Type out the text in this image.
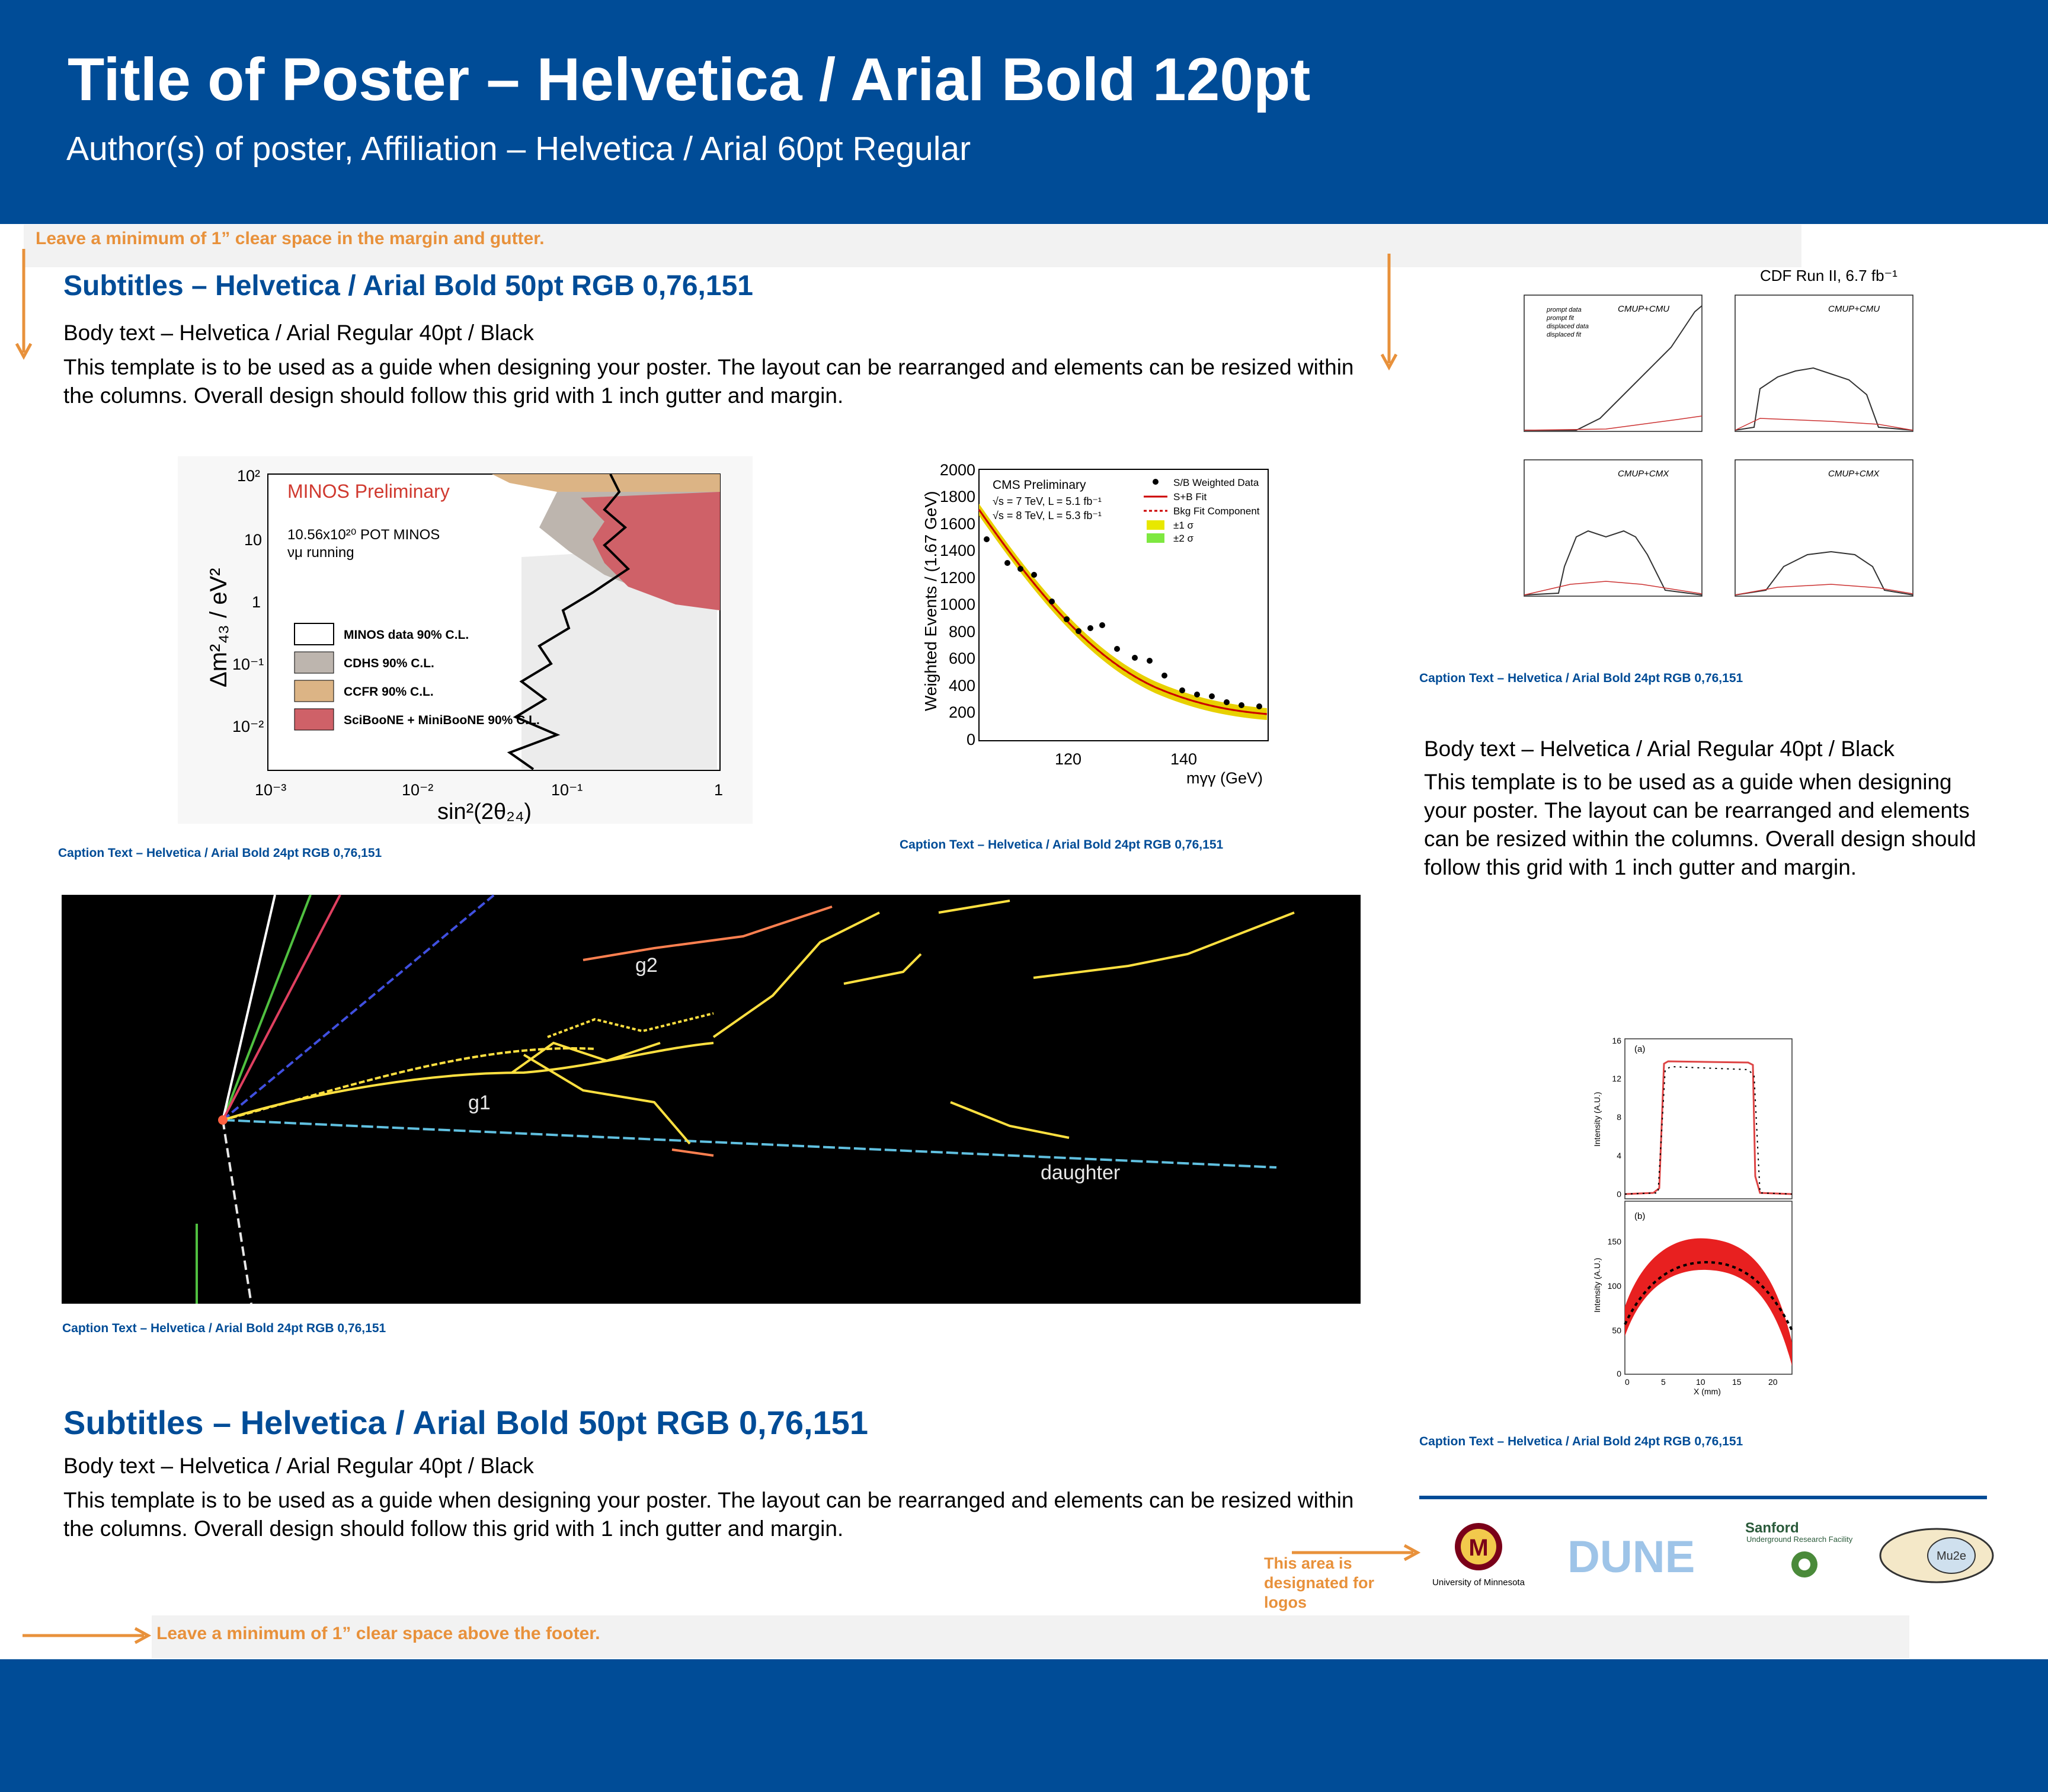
Title of Poster – Helvetica / Arial Bold 120pt
Author(s) of poster, Affiliation – Helvetica / Arial 60pt Regular
Leave a minimum of 1” clear space in the margin and gutter.
Subtitles – Helvetica / Arial Bold 50pt RGB 0,76,151
Body text – Helvetica / Arial Regular 40pt / Black
This template is to be used as a guide when designing your poster. The layout can be rearranged and elements can be resized within the columns. Overall design should follow this grid with 1 inch gutter and margin.
MINOS Preliminary
10.56x10²⁰ POT MINOS
νμ running
MINOS data 90% C.L.
CDHS 90% C.L.
CCFR 90% C.L.
SciBooNE + MiniBooNE 90% C.L.
10²
10
1
10⁻¹
10⁻²
10⁻³	10⁻²	10⁻¹	1
sin²(2θ₂₄)
Δm²₄₃ / eV²
Caption Text – Helvetica / Arial Bold 24pt RGB 0,76,151
CMS Preliminary
√s = 7 TeV, L = 5.1 fb⁻¹
√s = 8 TeV, L = 5.3 fb⁻¹
S/B Weighted Data
S+B Fit
Bkg Fit Component
±1 σ
±2 σ
2000
1800
1600
1400
1200
1000
800
600
400
200
0
120	140
mγγ (GeV)
Weighted Events / (1.67 GeV)
Caption Text – Helvetica / Arial Bold 24pt RGB 0,76,151
g2
g1
daughter
Caption Text – Helvetica / Arial Bold 24pt RGB 0,76,151
Subtitles – Helvetica / Arial Bold 50pt RGB 0,76,151
Body text – Helvetica / Arial Regular 40pt / Black
This template is to be used as a guide when designing your poster. The layout can be rearranged and elements can be resized within the columns. Overall design should follow this grid with 1 inch gutter and margin.
CDF Run II, 6.7 fb⁻¹
CMUP+CMU	CMUP+CMU
CMUP+CMX	CMUP+CMX
prompt data
prompt fit
displaced data
displaced fit
Caption Text – Helvetica / Arial Bold 24pt RGB 0,76,151
Body text – Helvetica / Arial Regular 40pt / Black
This template is to be used as a guide when designing your poster. The layout can be rearranged and elements can be resized within the columns. Overall design should follow this grid with 1 inch gutter and margin.
(a)
(b)
16
12
8
4
0
150
100
50
0
0	5	10	15	20
X (mm)
Intensity (A.U.)
Intensity (A.U.)
Caption Text – Helvetica / Arial Bold 24pt RGB 0,76,151
This area is designated for logos
M
University of Minnesota
DUNE
Sanford
Underground Research Facility
Mu2e
Leave a minimum of 1” clear space above the footer.
